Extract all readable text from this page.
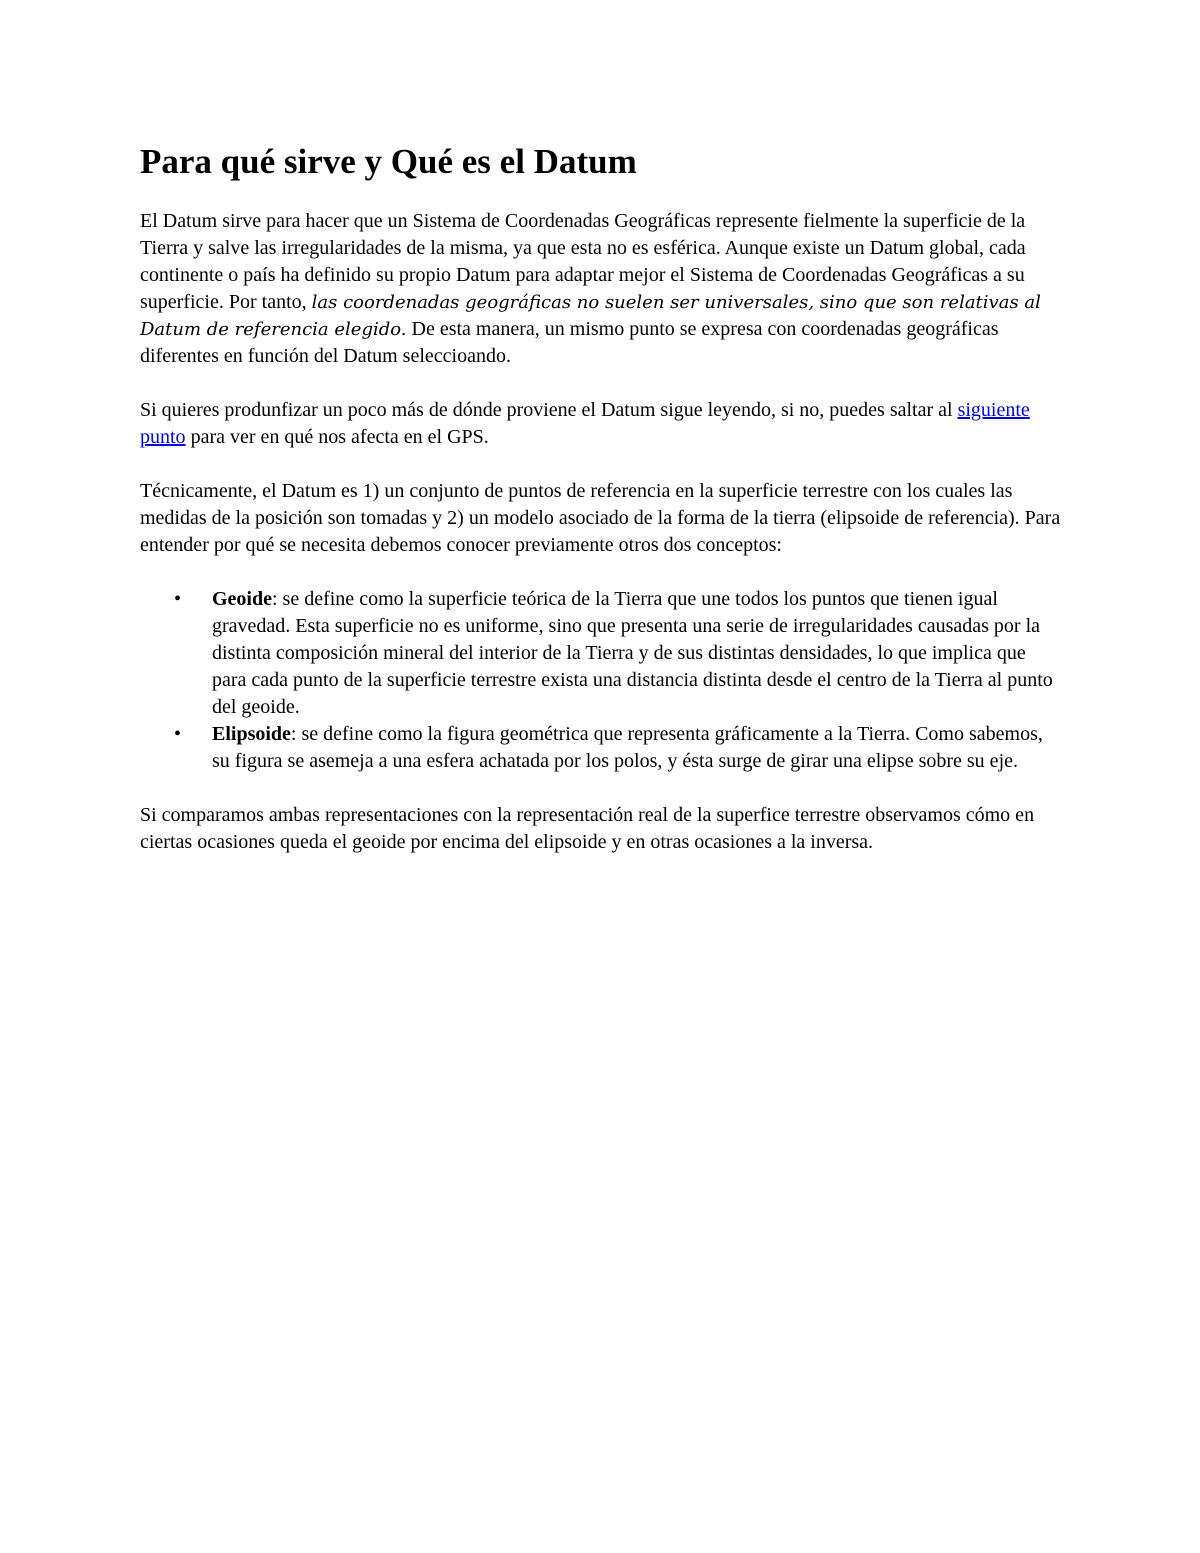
Para qué sirve y Qué es el Datum

El Datum sirve para hacer que un Sistema de Coordenadas Geográficas represente fielmente la superficie de la Tierra y salve las irregularidades de la misma, ya que esta no es esférica. Aunque existe un Datum global, cada continente o país ha definido su propio Datum para adaptar mejor el Sistema de Coordenadas Geográficas a su superficie. Por tanto, las coordenadas geográficas no suelen ser universales, sino que son relativas al Datum de referencia elegido. De esta manera, un mismo punto se expresa con coordenadas geográficas diferentes en función del Datum seleccioando.

Si quieres produnfizar un poco más de dónde proviene el Datum sigue leyendo, si no, puedes saltar al siguiente punto para ver en qué nos afecta en el GPS.

Técnicamente, el Datum es 1) un conjunto de puntos de referencia en la superficie terrestre con los cuales las medidas de la posición son tomadas y 2) un modelo asociado de la forma de la tierra (elipsoide de referencia). Para entender por qué se necesita debemos conocer previamente otros dos conceptos:

• Geoide: se define como la superficie teórica de la Tierra que une todos los puntos que tienen igual gravedad. Esta superficie no es uniforme, sino que presenta una serie de irregularidades causadas por la distinta composición mineral del interior de la Tierra y de sus distintas densidades, lo que implica que para cada punto de la superficie terrestre exista una distancia distinta desde el centro de la Tierra al punto del geoide.
• Elipsoide: se define como la figura geométrica que representa gráficamente a la Tierra. Como sabemos, su figura se asemeja a una esfera achatada por los polos, y ésta surge de girar una elipse sobre su eje.

Si comparamos ambas representaciones con la representación real de la superfice terrestre observamos cómo en ciertas ocasiones queda el geoide por encima del elipsoide y en otras ocasiones a la inversa.
